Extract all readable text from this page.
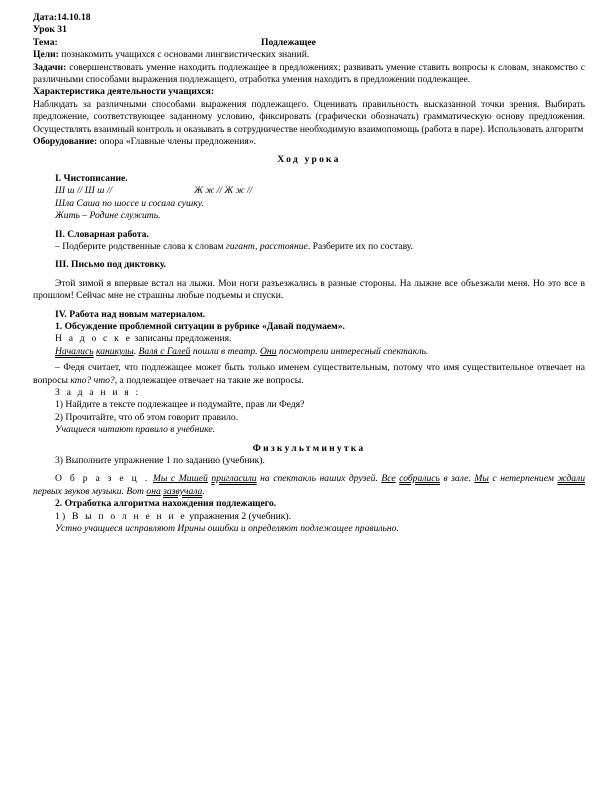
Дата:14.10.18

Урок 31

Тема:	Подлежащее

Цели: познакомить учащихся с основами лингвистических знаний.

Задачи: совершенствовать умение находить подлежащее в предложениях; развивать умение ставить вопросы к словам, знакомство с различными способами выражения подлежащего, отработка умения находить в предложении подлежащее.

Характеристика деятельности учащихся:

Наблюдать за различными способами выражения подлежащего. Оценивать правильность высказанной точки зрения. Выбирать предложение, соответствующее заданному условию, фиксировать (графически обозначать) грамматическую основу предложения. Осуществлять взаимный контроль и оказывать в сотрудничестве необходимую взаимопомощь (работа в паре). Использовать алгоритм

Оборудование: опора «Главные члены предложения».

Ход урока

I. Чистописание.

Ш ш // Ш ш //	Ж ж // Ж ж //

Шла Саша по шоссе и сосала сушку.

Жить – Родине служить.

II. Словарная работа.

– Подберите родственные слова к словам гигант, расстояние. Разберите их по составу.

III. Письмо под диктовку.

Этой зимой я впервые встал на лыжи. Мои ноги разъезжались в разные стороны. На лыжне все объезжали меня. Но это все в прошлом! Сейчас мне не страшны любые подъемы и спуски.

IV. Работа над новым материалом.

1. Обсуждение проблемной ситуации в рубрике «Давай подумаем».

Н а д о с к е записаны предложения.

Начались каникулы. Валя с Галей пошли в театр. Они посмотрели интересный спектакль.

– Федя считает, что подлежащее может быть только именем существительным, потому что имя существительное отвечает на вопросы кто? что?, а подлежащее отвечает на такие же вопросы.

З а д а н и я :

1) Найдите в тексте подлежащее и подумайте, прав ли Федя?

2) Прочитайте, что об этом говорит правило.

Учащиеся читают правило в учебнике.

Физкультминутка

3) Выполните упражнение 1 по заданию (учебник).

О б р а з е ц . Мы с Мишей пригласили на спектакль наших друзей. Все собрались в зале. Мы с нетерпением ждали первых звуков музыки. Вот она зазвучала.

2. Отработка алгоритма нахождения подлежащего.

1) В ы п о л н е н и е упражнения 2 (учебник).

Устно учащиеся исправляют Ирины ошибки и определяют подлежащее правильно.
